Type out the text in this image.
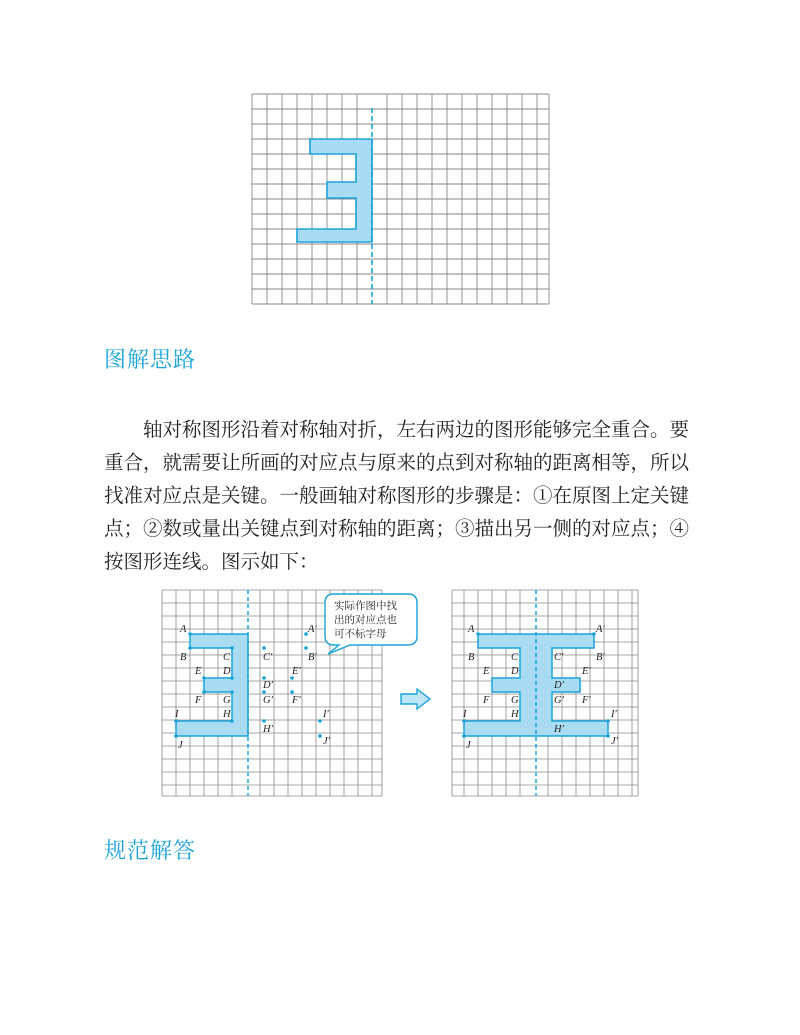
图解思路

轴对称图形沿着对称轴对折，左右两边的图形能够完全重合。要

重合，就需要让所画的对应点与原来的点到对称轴的距离相等，所以

找准对应点是关键。一般画轴对称图形的步骤是：①在原图上定关键

点；②数或量出关键点到对称轴的距离；③描出另一侧的对应点；④

按图形连线。图示如下：

A
B	C
E D
F G
I	H
J
A′
B′
C′
E′
D′
G′ F′
H′
I′
J′
实际作图中找
出的对应点也
可不标字母	A
B	C
E D
F G
I	H
J
A′
B′
C′
E′
D′
G′ F′
H′
I′
J′
规范解答
